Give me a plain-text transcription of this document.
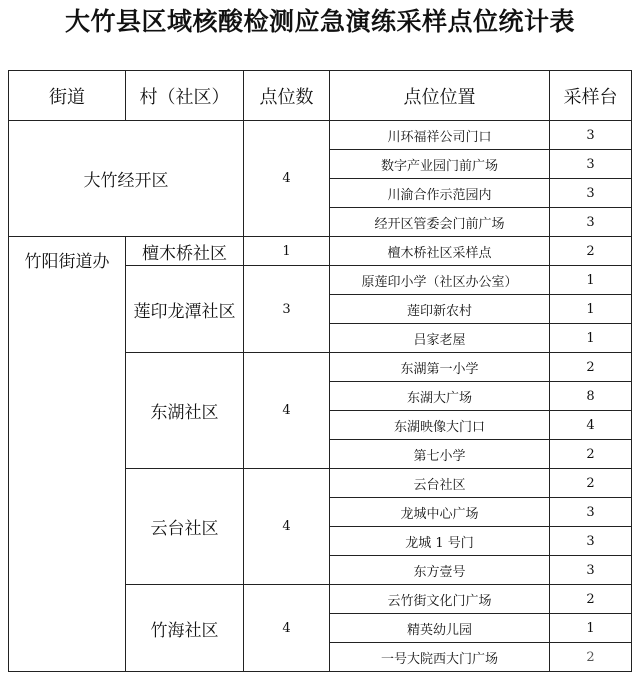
大竹县区域核酸检测应急演练采样点位统计表
街道	村（社区）	点位数	点位位置	采样台
大竹经开区		4	川环福祥公司门口	3
			数字产业园门前广场	3
			川渝合作示范园内	3
			经开区管委会门前广场	3
竹阳街道办	檀木桥社区	1	檀木桥社区采样点	2
	莲印龙潭社区	3	原莲印小学（社区办公室）	1
			莲印新农村	1
			吕家老屋	1
	东湖社区	4	东湖第一小学	2
			东湖大广场	8
			东湖映像大门口	4
			第七小学	2
	云台社区	4	云台社区	2
			龙城中心广场	3
			龙城 1 号门	3
			东方壹号	3
	竹海社区	4	云竹街文化门广场	2
			精英幼儿园	1
			一号大院西大门广场	2
